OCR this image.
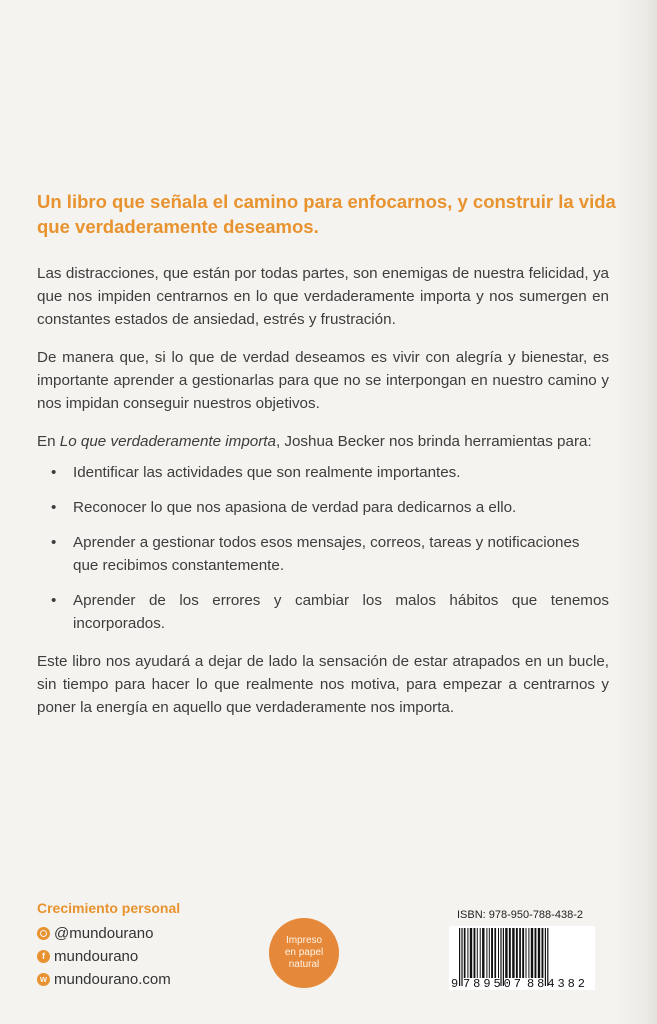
Un libro que señala el camino para enfocarnos, y construir la vida que verdaderamente deseamos.

Las distracciones, que están por todas partes, son enemigas de nuestra felicidad, ya que nos impiden centrarnos en lo que verdaderamente importa y nos sumergen en constantes estados de ansiedad, estrés y frustración.

De manera que, si lo que de verdad deseamos es vivir con alegría y bienestar, es importante aprender a gestionarlas para que no se interpongan en nuestro camino y nos impidan conseguir nuestros objetivos.

En Lo que verdaderamente importa, Joshua Becker nos brinda herramientas para:

• Identificar las actividades que son realmente importantes.
• Reconocer lo que nos apasiona de verdad para dedicarnos a ello.
• Aprender a gestionar todos esos mensajes, correos, tareas y notificaciones que recibimos constantemente.
• Aprender de los errores y cambiar los malos hábitos que tenemos incorporados.

Este libro nos ayudará a dejar de lado la sensación de estar atrapados en un bucle, sin tiempo para hacer lo que realmente nos motiva, para empezar a centrarnos y poner la energía en aquello que verdaderamente nos importa.

Crecimiento personal
@mundourano
f mundourano
w mundourano.com
Impreso
en papel
natural
ISBN: 978-950-788-438-2
9 789507 884382
